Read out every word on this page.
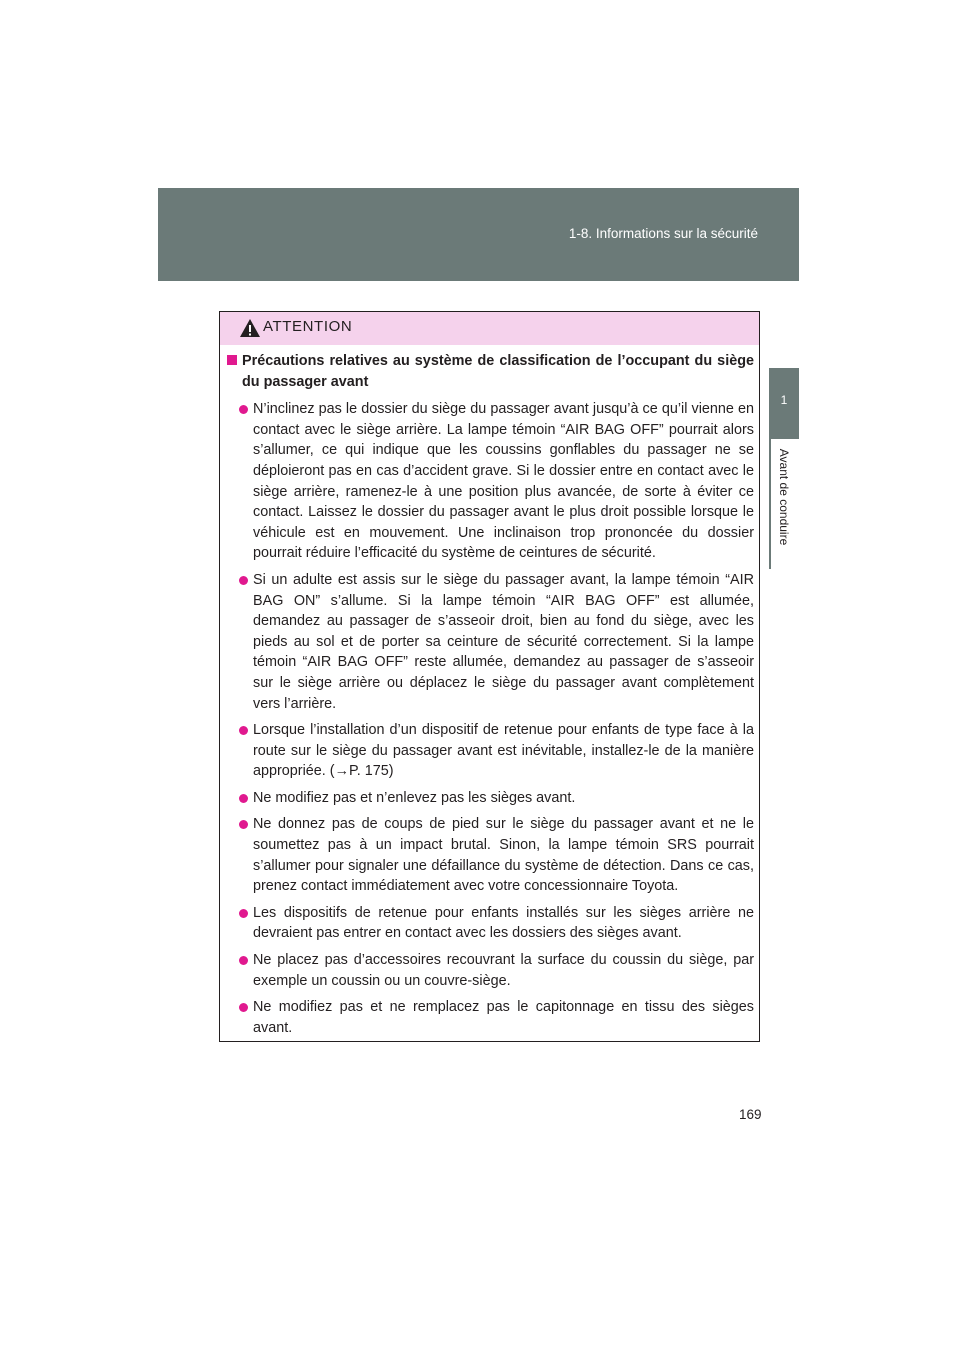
1-8. Informations sur la sécurité
1
Avant de conduire
ATTENTION
Précautions relatives au système de classification de l’occupant du siège du passager avant
N’inclinez pas le dossier du siège du passager avant jusqu’à ce qu’il vienne en contact avec le siège arrière. La lampe témoin “AIR BAG OFF” pourrait alors s’allumer, ce qui indique que les coussins gonflables du passager ne se déploieront pas en cas d’accident grave. Si le dossier entre en contact avec le siège arrière, ramenez-le à une position plus avancée, de sorte à éviter ce contact. Laissez le dossier du passager avant le plus droit possible lorsque le véhicule est en mouvement. Une inclinaison trop prononcée du dossier pourrait réduire l’efficacité du système de ceintures de sécurité.
Si un adulte est assis sur le siège du passager avant, la lampe témoin “AIR BAG ON” s’allume. Si la lampe témoin “AIR BAG OFF” est allumée, demandez au passager de s’asseoir droit, bien au fond du siège, avec les pieds au sol et de porter sa ceinture de sécurité correctement. Si la lampe témoin “AIR BAG OFF” reste allumée, demandez au passager de s’asseoir sur le siège arrière ou déplacez le siège du passager avant complètement vers l’arrière.
Lorsque l’installation d’un dispositif de retenue pour enfants de type face à la route sur le siège du passager avant est inévitable, installez-le de la manière appropriée. (→P. 175)
Ne modifiez pas et n’enlevez pas les sièges avant.
Ne donnez pas de coups de pied sur le siège du passager avant et ne le soumettez pas à un impact brutal. Sinon, la lampe témoin SRS pourrait s’allumer pour signaler une défaillance du système de détection. Dans ce cas, prenez contact immédiatement avec votre concessionnaire Toyota.
Les dispositifs de retenue pour enfants installés sur les sièges arrière ne devraient pas entrer en contact avec les dossiers des sièges avant.
Ne placez pas d’accessoires recouvrant la surface du coussin du siège, par exemple un coussin ou un couvre-siège.
Ne modifiez pas et ne remplacez pas le capitonnage en tissu des sièges avant.
169
